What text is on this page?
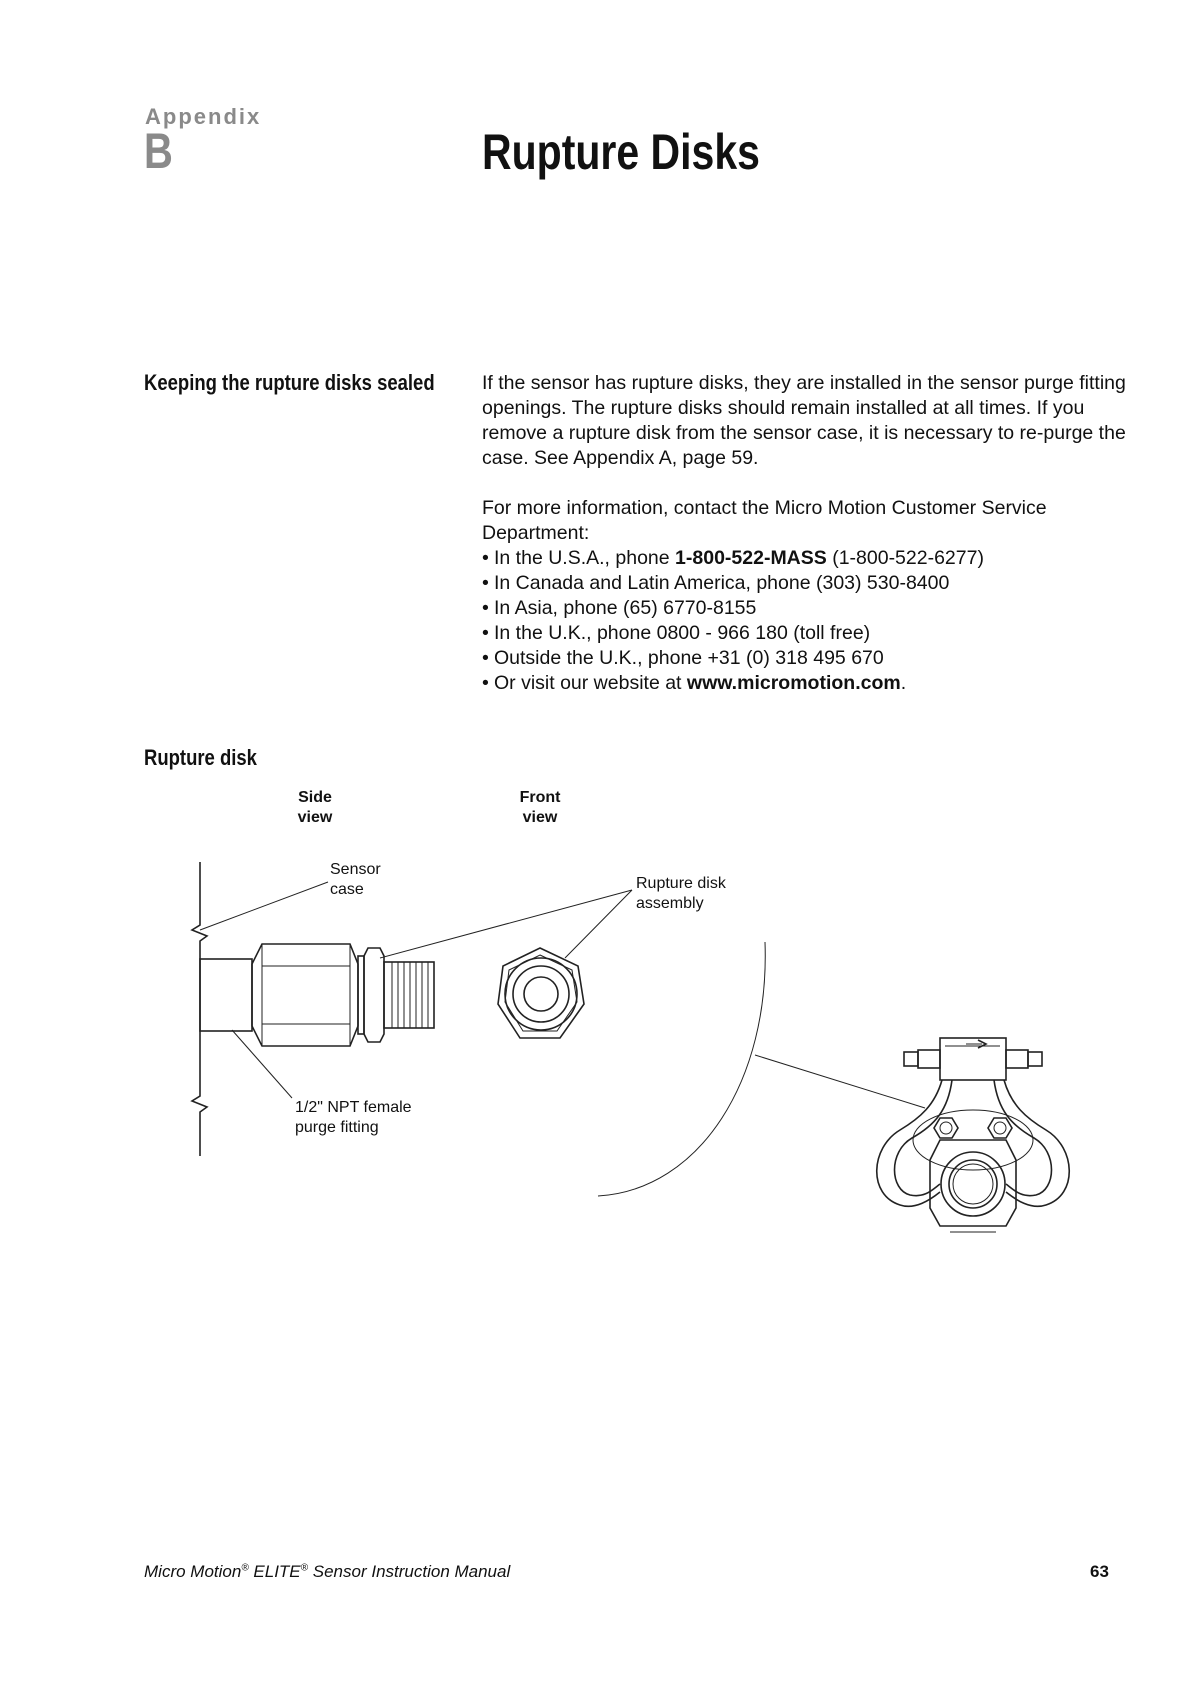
Appendix
B	Rupture Disks
Keeping the rupture disks sealed If the sensor has rupture disks, they are installed in the sensor purge fitting openings. The rupture disks should remain installed at all times. If you remove a rupture disk from the sensor case, it is necessary to re-purge the case. See Appendix A, page 59.

For more information, contact the Micro Motion Customer Service Department:

• In the U.S.A., phone 1-800-522-MASS (1-800-522-6277)
• In Canada and Latin America, phone (303) 530-8400
• In Asia, phone (65) 6770-8155
• In the U.K., phone 0800 - 966 180 (toll free)
• Outside the U.K., phone +31 (0) 318 495 670
• Or visit our website at www.micromotion.com.
Rupture disk
Side
view
Front
view
Sensor
case	Rupture disk
assembly
1/2" NPT female
purge fitting
Micro Motion® ELITE® Sensor Instruction Manual	63
